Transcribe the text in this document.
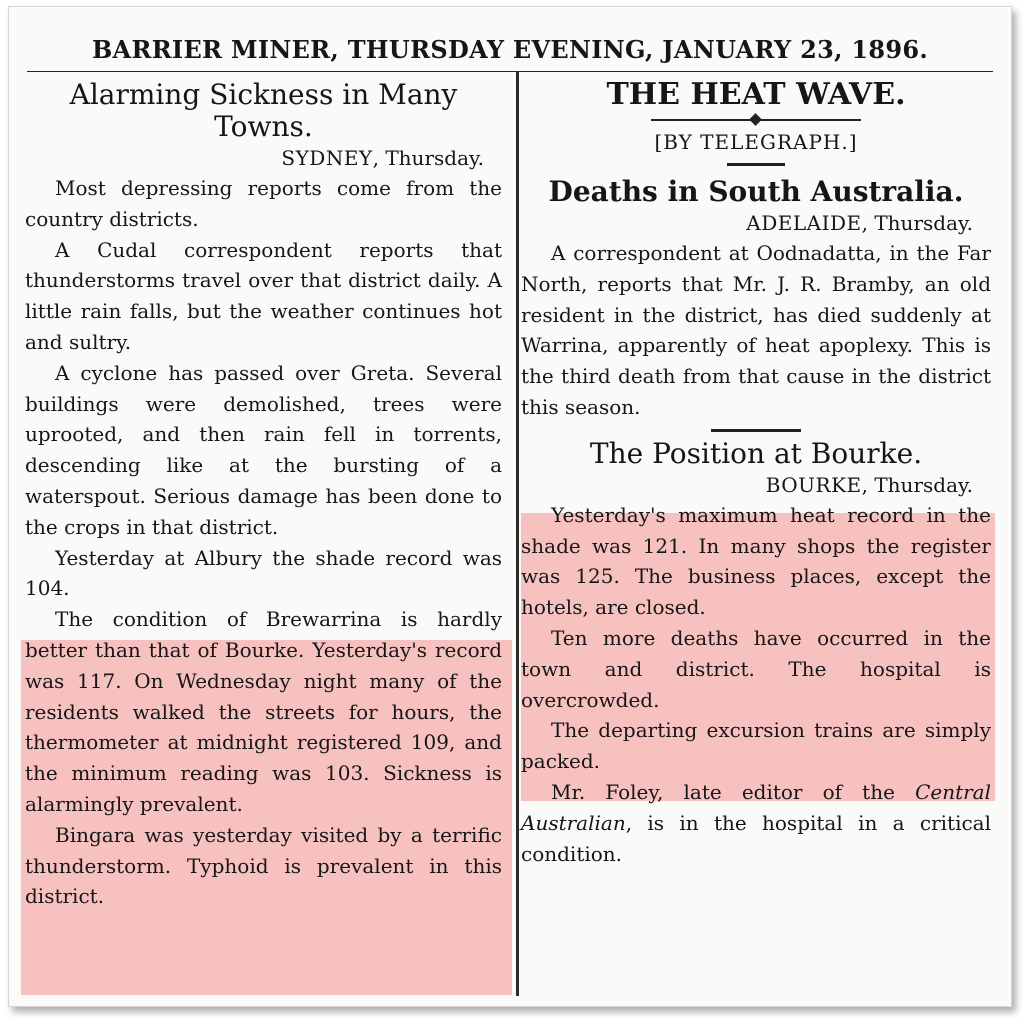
BARRIER MINER, THURSDAY EVENING, JANUARY 23, 1896.
Alarming Sickness in Many Towns.
SYDNEY, Thursday.

Most depressing reports come from the country districts.

A Cudal correspondent reports that thunderstorms travel over that district daily. A little rain falls, but the weather continues hot and sultry.

A cyclone has passed over Greta. Several buildings were demolished, trees were uprooted, and then rain fell in torrents, descending like at the bursting of a waterspout. Serious damage has been done to the crops in that district.

Yesterday at Albury the shade record was 104.

The condition of Brewarrina is hardly better than that of Bourke. Yesterday's record was 117. On Wednesday night many of the residents walked the streets for hours, the thermometer at midnight registered 109, and the minimum reading was 103. Sickness is alarmingly prevalent.

Bingara was yesterday visited by a terrific thunderstorm. Typhoid is prevalent in this district.

THE HEAT WAVE.
[BY TELEGRAPH.]
Deaths in South Australia.
ADELAIDE, Thursday.

A correspondent at Oodnadatta, in the Far North, reports that Mr. J. R. Bramby, an old resident in the district, has died suddenly at Warrina, apparently of heat apoplexy. This is the third death from that cause in the district this season.

The Position at Bourke.
BOURKE, Thursday.

Yesterday's maximum heat record in the shade was 121. In many shops the register was 125. The business places, except the hotels, are closed.

Ten more deaths have occurred in the town and district. The hospital is overcrowded.

The departing excursion trains are simply packed.

Mr. Foley, late editor of the Central Australian, is in the hospital in a critical condition.
